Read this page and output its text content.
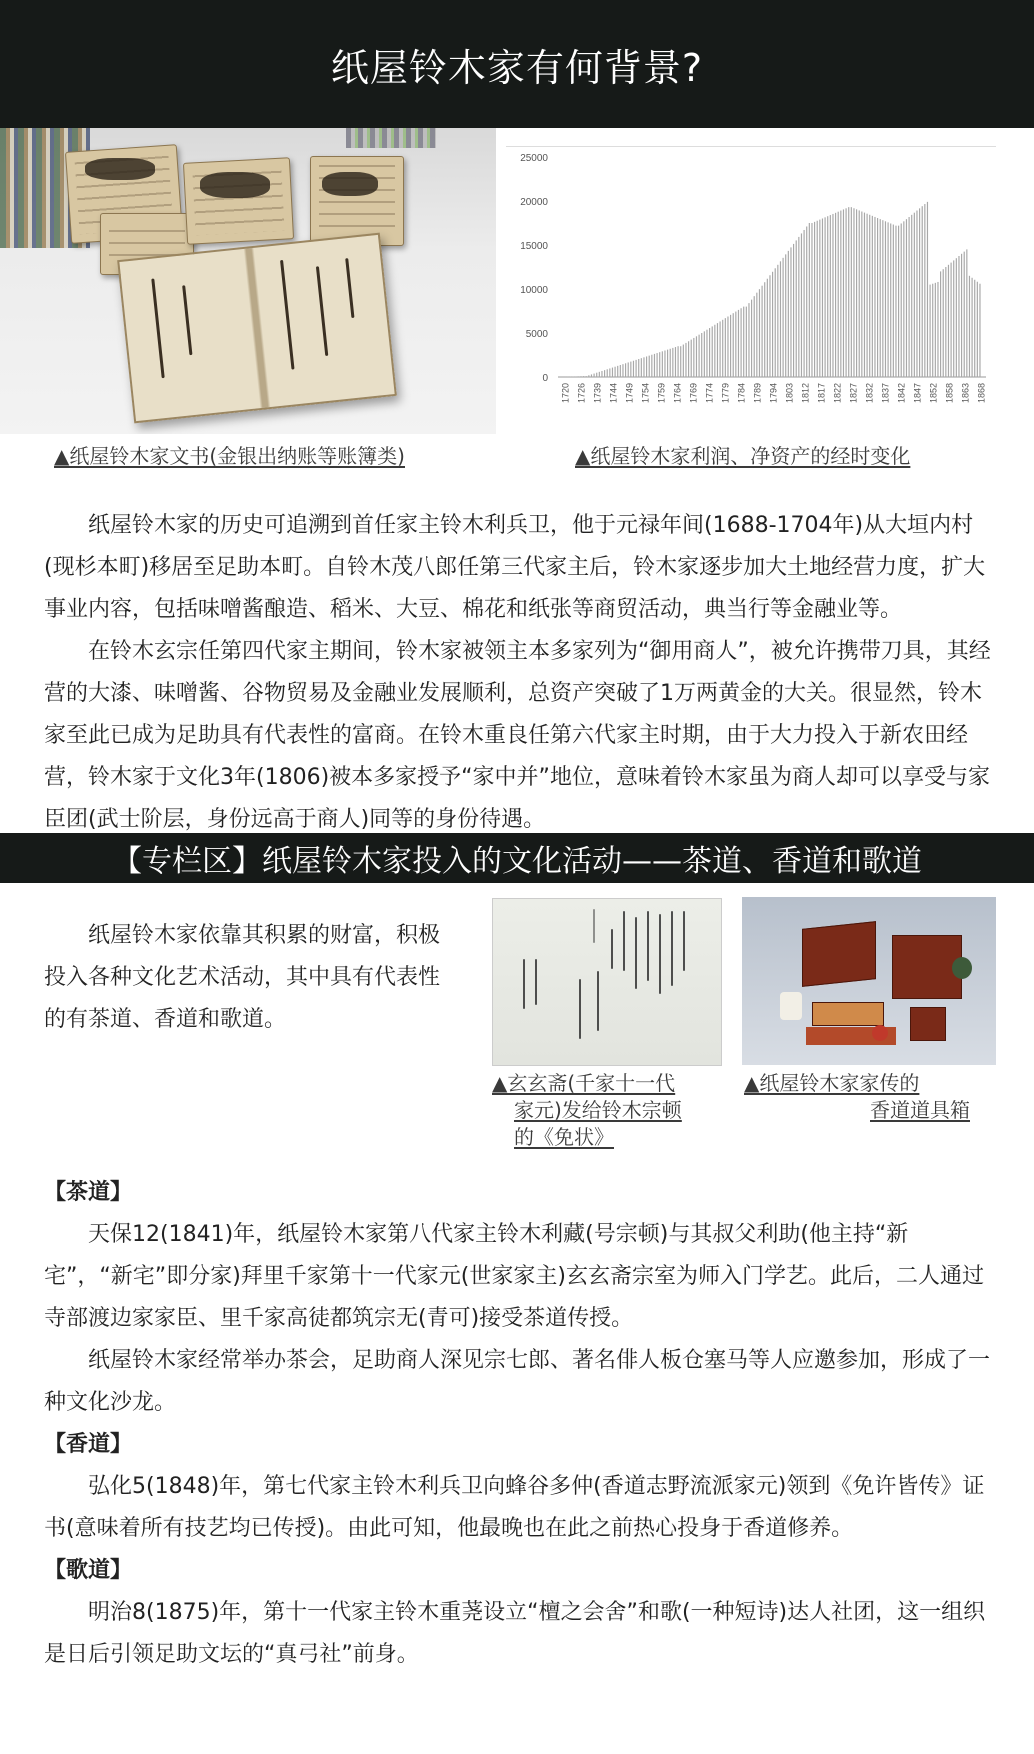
纸屋铃木家有何背景?
0
5000
10000
15000
20000
25000
1720 1726 1739 1744 1749 1754 1759 1764 1769 1774 1779 1784 1789 1794 1803 1812 1817 1822 1827 1832 1837 1842 1847 1852 1858 1863 1868
▲纸屋铃木家文书(金银出纳账等账簿类)	▲纸屋铃木家利润、净资产的经时变化

纸屋铃木家的历史可追溯到首任家主铃木利兵卫，他于元禄年间(1688-1704年)从大垣内村(现杉本町)移居至足助本町。自铃木茂八郎任第三代家主后，铃木家逐步加大土地经营力度，扩大事业内容，包括味噌酱酿造、稻米、大豆、棉花和纸张等商贸活动，典当行等金融业等。

在铃木玄宗任第四代家主期间，铃木家被领主本多家列为“御用商人”，被允许携带刀具，其经营的大漆、味噌酱、谷物贸易及金融业发展顺利，总资产突破了1万两黄金的大关。很显然，铃木家至此已成为足助具有代表性的富商。在铃木重良任第六代家主时期，由于大力投入于新农田经营，铃木家于文化3年(1806)被本多家授予“家中并”地位，意味着铃木家虽为商人却可以享受与家臣团(武士阶层，身份远高于商人)同等的身份待遇。

【专栏区】纸屋铃木家投入的文化活动——茶道、香道和歌道

纸屋铃木家依靠其积累的财富，积极投入各种文化艺术活动，其中具有代表性的有茶道、香道和歌道。

▲玄玄斋(千家十一代
家元)发给铃木宗顿
的《免状》
▲纸屋铃木家家传的
香道道具箱
【茶道】

天保12(1841)年，纸屋铃木家第八代家主铃木利藏(号宗顿)与其叔父利助(他主持“新宅”，“新宅”即分家)拜里千家第十一代家元(世家家主)玄玄斋宗室为师入门学艺。此后，二人通过寺部渡边家家臣、里千家高徒都筑宗无(青可)接受茶道传授。

纸屋铃木家经常举办茶会，足助商人深见宗七郎、著名俳人板仓塞马等人应邀参加，形成了一种文化沙龙。

【香道】

弘化5(1848)年，第七代家主铃木利兵卫向蜂谷多仲(香道志野流派家元)领到《免许皆传》证书(意味着所有技艺均已传授)。由此可知，他最晚也在此之前热心投身于香道修养。

【歌道】

明治8(1875)年，第十一代家主铃木重荛设立“檀之会舍”和歌(一种短诗)达人社团，这一组织是日后引领足助文坛的“真弓社”前身。
